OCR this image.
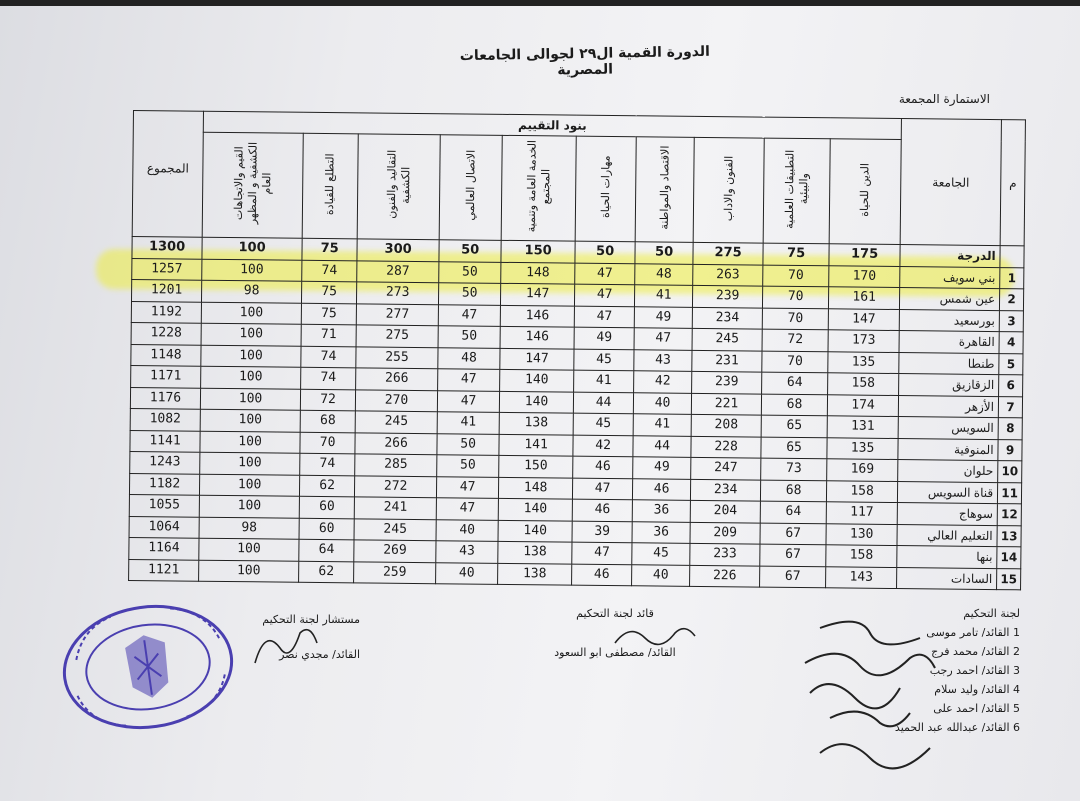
الدورة القمية ال٢٩ لجوالى الجامعات المصرية
الاستمارة المجمعة
م	الجامعة	بنود التقييم										المجموع
		الدين للحياة	التطبيقات العلمية والبيئية	الفنون والاداب	الاقتصاد والمواطنة	مهارات الحياة	الخدمة العامة وتنمية المجتمع	الاتصال العالمي	التقاليد والفنون الكشفية	التطلع للقيادة	القيم والاتجاهات الكشفية و المظهر العام	
	الدرجة	175	75	275	50	50	150	50	300	75	100	1300
1	بني سويف	170	70	263	48	47	148	50	287	74	100	1257
2	عين شمس	161	70	239	41	47	147	50	273	75	98	1201
3	بورسعيد	147	70	234	49	47	146	47	277	75	100	1192
4	القاهرة	173	72	245	47	49	146	50	275	71	100	1228
5	طنطا	135	70	231	43	45	147	48	255	74	100	1148
6	الزقازيق	158	64	239	42	41	140	47	266	74	100	1171
7	الأزهر	174	68	221	40	44	140	47	270	72	100	1176
8	السويس	131	65	208	41	45	138	41	245	68	100	1082
9	المنوفية	135	65	228	44	42	141	50	266	70	100	1141
10	حلوان	169	73	247	49	46	150	50	285	74	100	1243
11	قناة السويس	158	68	234	46	47	148	47	272	62	100	1182
12	سوهاج	117	64	204	36	46	140	47	241	60	100	1055
13	التعليم العالي	130	67	209	36	39	140	40	245	60	98	1064
14	بنها	158	67	233	45	47	138	43	269	64	100	1164
15	السادات	143	67	226	40	46	138	40	259	62	100	1121
لجنة التحكيم
1 القائد/ تامر موسى
2 القائد/ محمد فرج
3 القائد/ احمد رجب
4 القائد/ وليد سلام
5 القائد/ احمد على
6 القائد/ عبدالله عبد الحميد
قائد لجنة التحكيم
القائد/ مصطفى ابو السعود
مستشار لجنة التحكيم
القائد/ مجدي نصر
